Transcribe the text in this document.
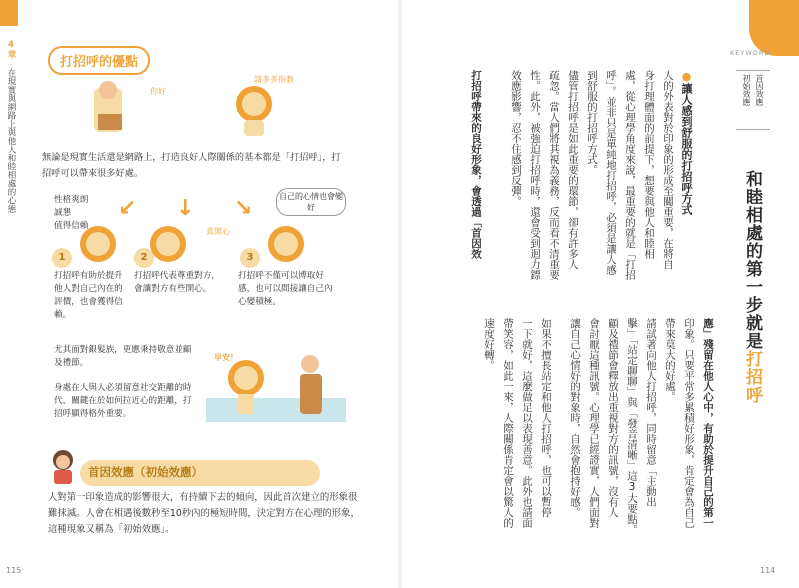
4章 在現實與網路上與他人和睦相處的心態
打招呼的優點
你好
請多多指教
無論是現實生活還是網路上，打造良好人際關係的基本都是「打招呼」，打招呼可以帶來很多好處。
性格爽朗
誠懇
值得信賴
↙ ↓ ↘	自己的心情也會變好
真開心
1	2	3
打招呼有助於提升他人對自己內在的評價，也會獲得信賴。
打招呼代表尊重對方，會讓對方有些開心。
打招呼不僅可以博取好感，也可以間接讓自己內心變積極。
尤其面對銀髮族，更應秉持敬意並顧及禮節。
身處在人與人必須留意社交距離的時代，關鍵在於如何拉近心的距離，打招呼顯得格外重要。
早安！
首因效應（初始效應）
人對第一印象造成的影響很大，有持續下去的傾向，因此首次建立的形象很難抹滅。人會在相遇後數秒至10秒內的極短時間，決定對方在心理的形象，這種現象又稱為「初始效應」。
115
KEYWORD
首因效應
初始效應
和睦相處的第一步就是打招呼
●讓人感到舒服的打招呼方式
人的外表對於印象的形成至關重要，在將自
身打理體面的前提下，想要與他人和睦相
處，從心理學角度來說，最重要的就是「打招
呼」。並非只是單純地打招呼，必須是讓人感
到舒服的打招呼方式。
儘管打招呼是如此重要的環節，卻有許多人
疏忽。當人們將其視為義務，反而看不清重要
性。此外，被強迫打招呼時，還會受到迴力鏢
效應影響，忍不住感到反彈。
打招呼帶來的良好形象，會透過「首因效
應」殘留在他人心中，有助於提升自己的第一
印象。只要平常多累積好形象，肯定會為自己
帶來莫大的好處。
請試著向他人打招呼，同時留意「主動出
擊」「站定聊聊」與「發音清晰」這3大要點。
顧及禮節會釋放出重視對方的訊號，沒有人
會討厭這種訊號。心理學已經證實，人們面對
讓自己心情好的對象時，自然會抱持好感。
如果不擅長站定和他人打招呼，也可以暫停
一下就好，這麼做足以表現善意。此外也請面
帶笑容，如此一來，人際關係肯定會以驚人的
速度好轉。
114
